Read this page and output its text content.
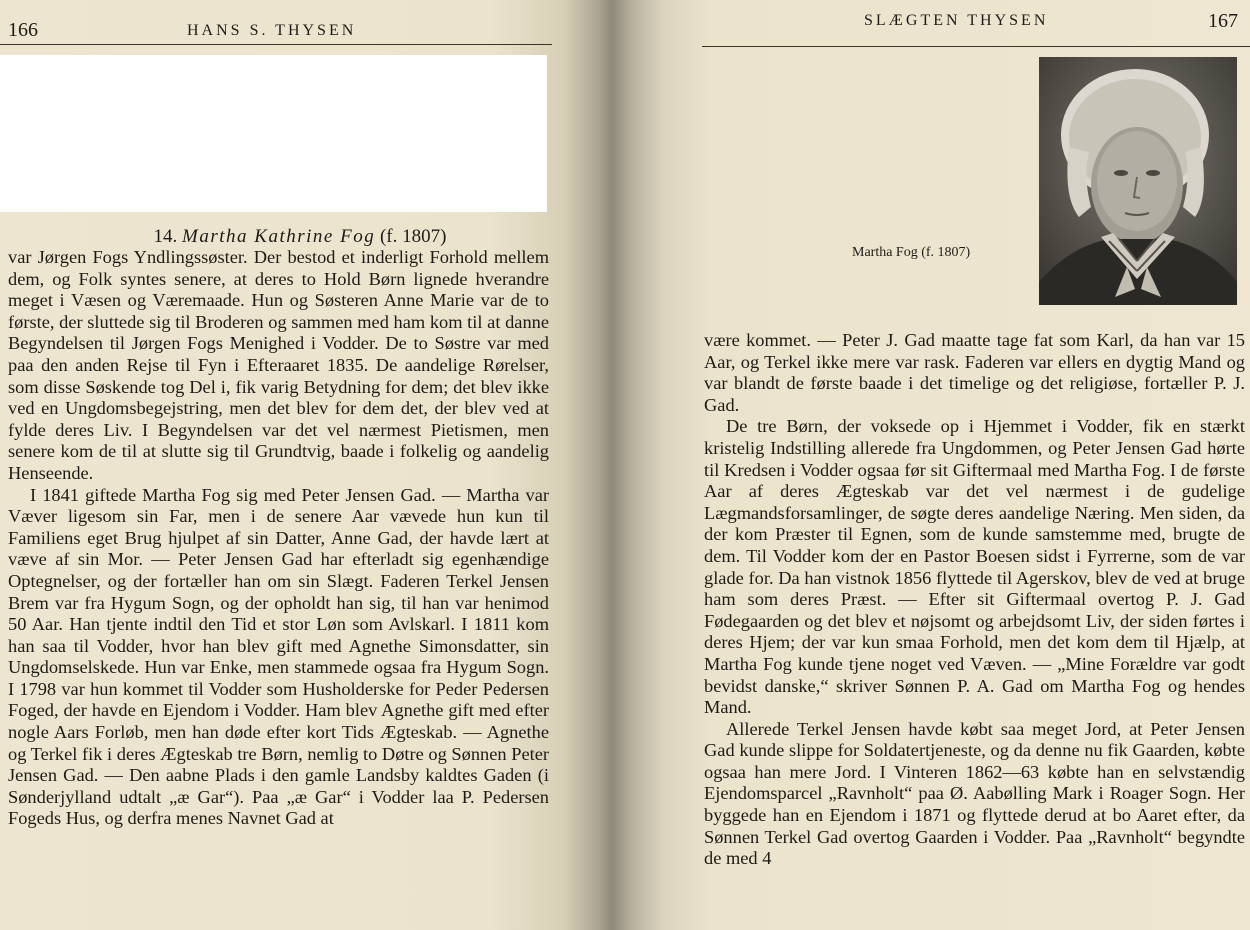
166	HANS S. THYSEN
14. Martha Kathrine Fog (f. 1807)

var Jørgen Fogs Yndlingssøster. Der bestod et inderligt Forhold mellem dem, og Folk syntes senere, at deres to Hold Børn lignede hverandre meget i Væsen og Væremaade. Hun og Søsteren Anne Marie var de to første, der sluttede sig til Broderen og sammen med ham kom til at danne Begyndelsen til Jørgen Fogs Menighed i Vodder. De to Søstre var med paa den anden Rejse til Fyn i Efteraaret 1835. De aandelige Rørelser, som disse Søskende tog Del i, fik varig Betydning for dem; det blev ikke ved en Ungdomsbegejstring, men det blev for dem det, der blev ved at fylde deres Liv. I Begyndelsen var det vel nærmest Pietismen, men senere kom de til at slutte sig til Grundtvig, baade i folkelig og aandelig Henseende.

I 1841 giftede Martha Fog sig med Peter Jensen Gad. — Martha var Væver ligesom sin Far, men i de senere Aar vævede hun kun til Familiens eget Brug hjulpet af sin Datter, Anne Gad, der havde lært at væve af sin Mor. — Peter Jensen Gad har efterladt sig egenhændige Optegnelser, og der fortæller han om sin Slægt. Faderen Terkel Jensen Brem var fra Hygum Sogn, og der opholdt han sig, til han var henimod 50 Aar. Han tjente indtil den Tid et stor Løn som Avlskarl. I 1811 kom han saa til Vodder, hvor han blev gift med Agnethe Simonsdatter, sin Ungdomselskede. Hun var Enke, men stammede ogsaa fra Hygum Sogn. I 1798 var hun kommet til Vodder som Husholderske for Peder Pedersen Foged, der havde en Ejendom i Vodder. Ham blev Agnethe gift med efter nogle Aars Forløb, men han døde efter kort Tids Ægteskab. — Agnethe og Terkel fik i deres Ægteskab tre Børn, nemlig to Døtre og Sønnen Peter Jensen Gad. — Den aabne Plads i den gamle Landsby kaldtes Gaden (i Sønderjylland udtalt „æ Gar“). Paa „æ Gar“ i Vodder laa P. Pedersen Fogeds Hus, og derfra menes Navnet Gad at

SLÆGTEN THYSEN	167
Martha Fog (f. 1807)

være kommet. — Peter J. Gad maatte tage fat som Karl, da han var 15 Aar, og Terkel ikke mere var rask. Faderen var ellers en dygtig Mand og var blandt de første baade i det timelige og det religiøse, fortæller P. J. Gad.

De tre Børn, der voksede op i Hjemmet i Vodder, fik en stærkt kristelig Indstilling allerede fra Ungdommen, og Peter Jensen Gad hørte til Kredsen i Vodder ogsaa før sit Giftermaal med Martha Fog. I de første Aar af deres Ægteskab var det vel nærmest i de gudelige Lægmandsforsamlinger, de søgte deres aandelige Næring. Men siden, da der kom Præster til Egnen, som de kunde samstemme med, brugte de dem. Til Vodder kom der en Pastor Boesen sidst i Fyrrerne, som de var glade for. Da han vistnok 1856 flyttede til Agerskov, blev de ved at bruge ham som deres Præst. — Efter sit Giftermaal overtog P. J. Gad Fødegaarden og det blev et nøjsomt og arbejdsomt Liv, der siden førtes i deres Hjem; der var kun smaa Forhold, men det kom dem til Hjælp, at Martha Fog kunde tjene noget ved Væven. — „Mine Forældre var godt bevidst danske,“ skriver Sønnen P. A. Gad om Martha Fog og hendes Mand.

Allerede Terkel Jensen havde købt saa meget Jord, at Peter Jensen Gad kunde slippe for Soldatertjeneste, og da denne nu fik Gaarden, købte ogsaa han mere Jord. I Vinteren 1862—63 købte han en selvstændig Ejendomsparcel „Ravnholt“ paa Ø. Aabølling Mark i Roager Sogn. Her byggede han en Ejendom i 1871 og flyttede derud at bo Aaret efter, da Sønnen Terkel Gad overtog Gaarden i Vodder. Paa „Ravnholt“ begyndte de med 4
